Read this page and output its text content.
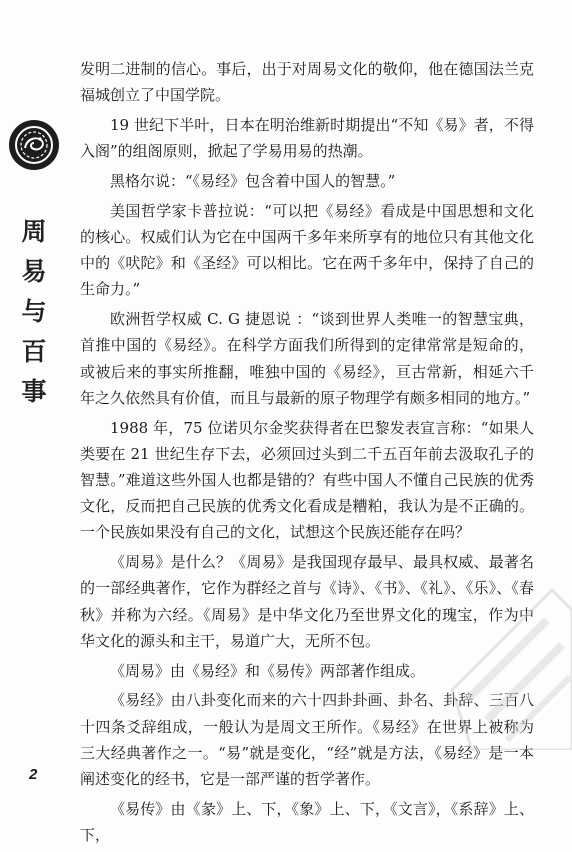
周
易
与
百
事

发明二进制的信心。事后，出于对周易文化的敬仰，他在德国法兰克福城创立了中国学院。

19 世纪下半叶，日本在明治维新时期提出“不知《易》者，不得入阁”的组阁原则，掀起了学易用易的热潮。

黑格尔说：“《易经》包含着中国人的智慧。”

美国哲学家卡普拉说：“可以把《易经》看成是中国思想和文化的核心。权威们认为它在中国两千多年来所享有的地位只有其他文化中的《吠陀》和《圣经》可以相比。它在两千多年中，保持了自己的生命力。”

欧洲哲学权威 C. G 捷恩说 ：“谈到世界人类唯一的智慧宝典，首推中国的《易经》。在科学方面我们所得到的定律常常是短命的，或被后来的事实所推翻，唯独中国的《易经》，亘古常新，相延六千年之久依然具有价值，而且与最新的原子物理学有颇多相同的地方。”

1988 年，75 位诺贝尔金奖获得者在巴黎发表宣言称：“如果人类要在 21 世纪生存下去，必须回过头到二千五百年前去汲取孔子的智慧。”难道这些外国人也都是错的？有些中国人不懂自己民族的优秀文化，反而把自己民族的优秀文化看成是糟粕，我认为是不正确的。一个民族如果没有自己的文化，试想这个民族还能存在吗？

《周易》是什么？《周易》是我国现存最早、最具权威、最著名的一部经典著作，它作为群经之首与《诗》、《书》、《礼》、《乐》、《春秋》并称为六经。《周易》是中华文化乃至世界文化的瑰宝，作为中华文化的源头和主干，易道广大，无所不包。

《周易》由《易经》和《易传》两部著作组成。

《易经》由八卦变化而来的六十四卦卦画、卦名、卦辞、三百八十四条爻辞组成，一般认为是周文王所作。《易经》在世界上被称为三大经典著作之一。“易”就是变化，“经”就是方法，《易经》是一本阐述变化的经书，它是一部严谨的哲学著作。

《易传》由《彖》上、下，《象》上、下，《文言》，《系辞》上、下，

2
